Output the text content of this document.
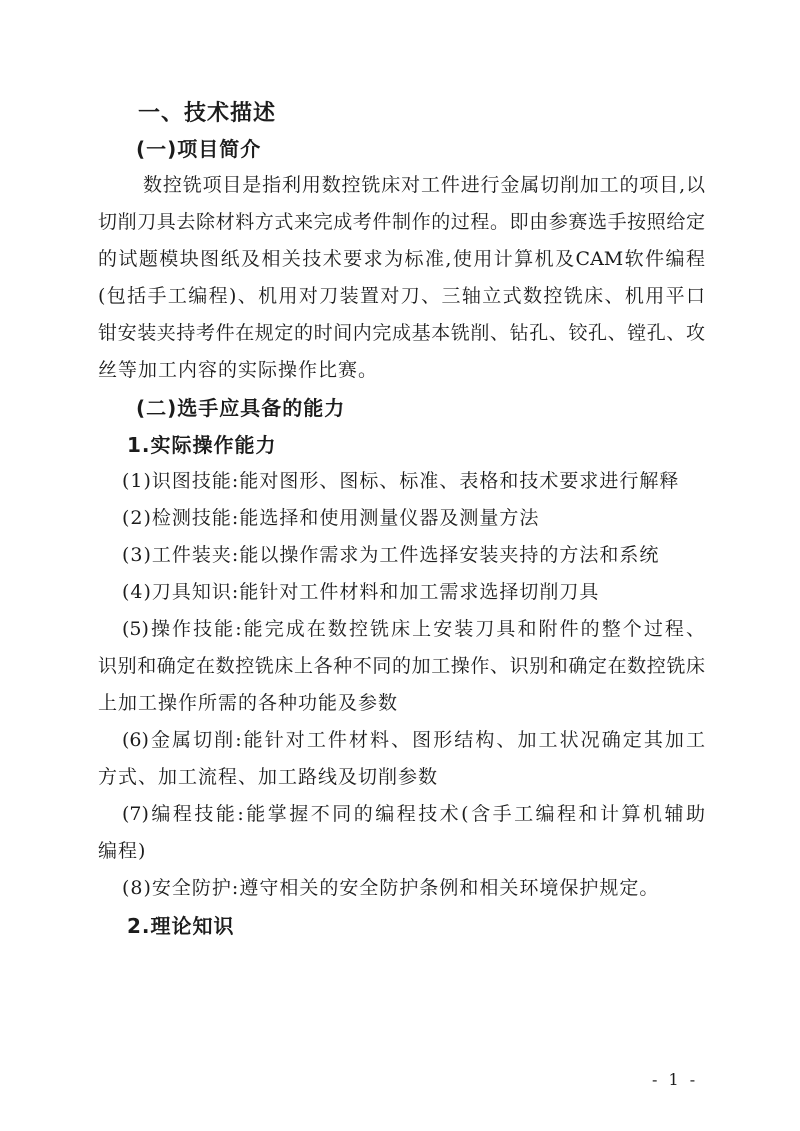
一、技术描述
(一)项目简介
数控铣项目是指利用数控铣床对工件进行金属切削加工的项目,以
切削刀具去除材料方式来完成考件制作的过程。即由参赛选手按照给定
的试题模块图纸及相关技术要求为标准,使用计算机及CAM软件编程
(包括手工编程)、机用对刀装置对刀、三轴立式数控铣床、机用平口
钳安装夹持考件在规定的时间内完成基本铣削、钻孔、铰孔、镗孔、攻
丝等加工内容的实际操作比赛。
(二)选手应具备的能力
1.实际操作能力
(1)识图技能:能对图形、图标、标准、表格和技术要求进行解释
(2)检测技能:能选择和使用测量仪器及测量方法
(3)工件装夹:能以操作需求为工件选择安装夹持的方法和系统
(4)刀具知识:能针对工件材料和加工需求选择切削刀具
(5)操作技能:能完成在数控铣床上安装刀具和附件的整个过程、
识别和确定在数控铣床上各种不同的加工操作、识别和确定在数控铣床
上加工操作所需的各种功能及参数
(6)金属切削:能针对工件材料、图形结构、加工状况确定其加工
方式、加工流程、加工路线及切削参数
(7)编程技能:能掌握不同的编程技术(含手工编程和计算机辅助
编程)
(8)安全防护:遵守相关的安全防护条例和相关环境保护规定。
2.理论知识
- 1 -
